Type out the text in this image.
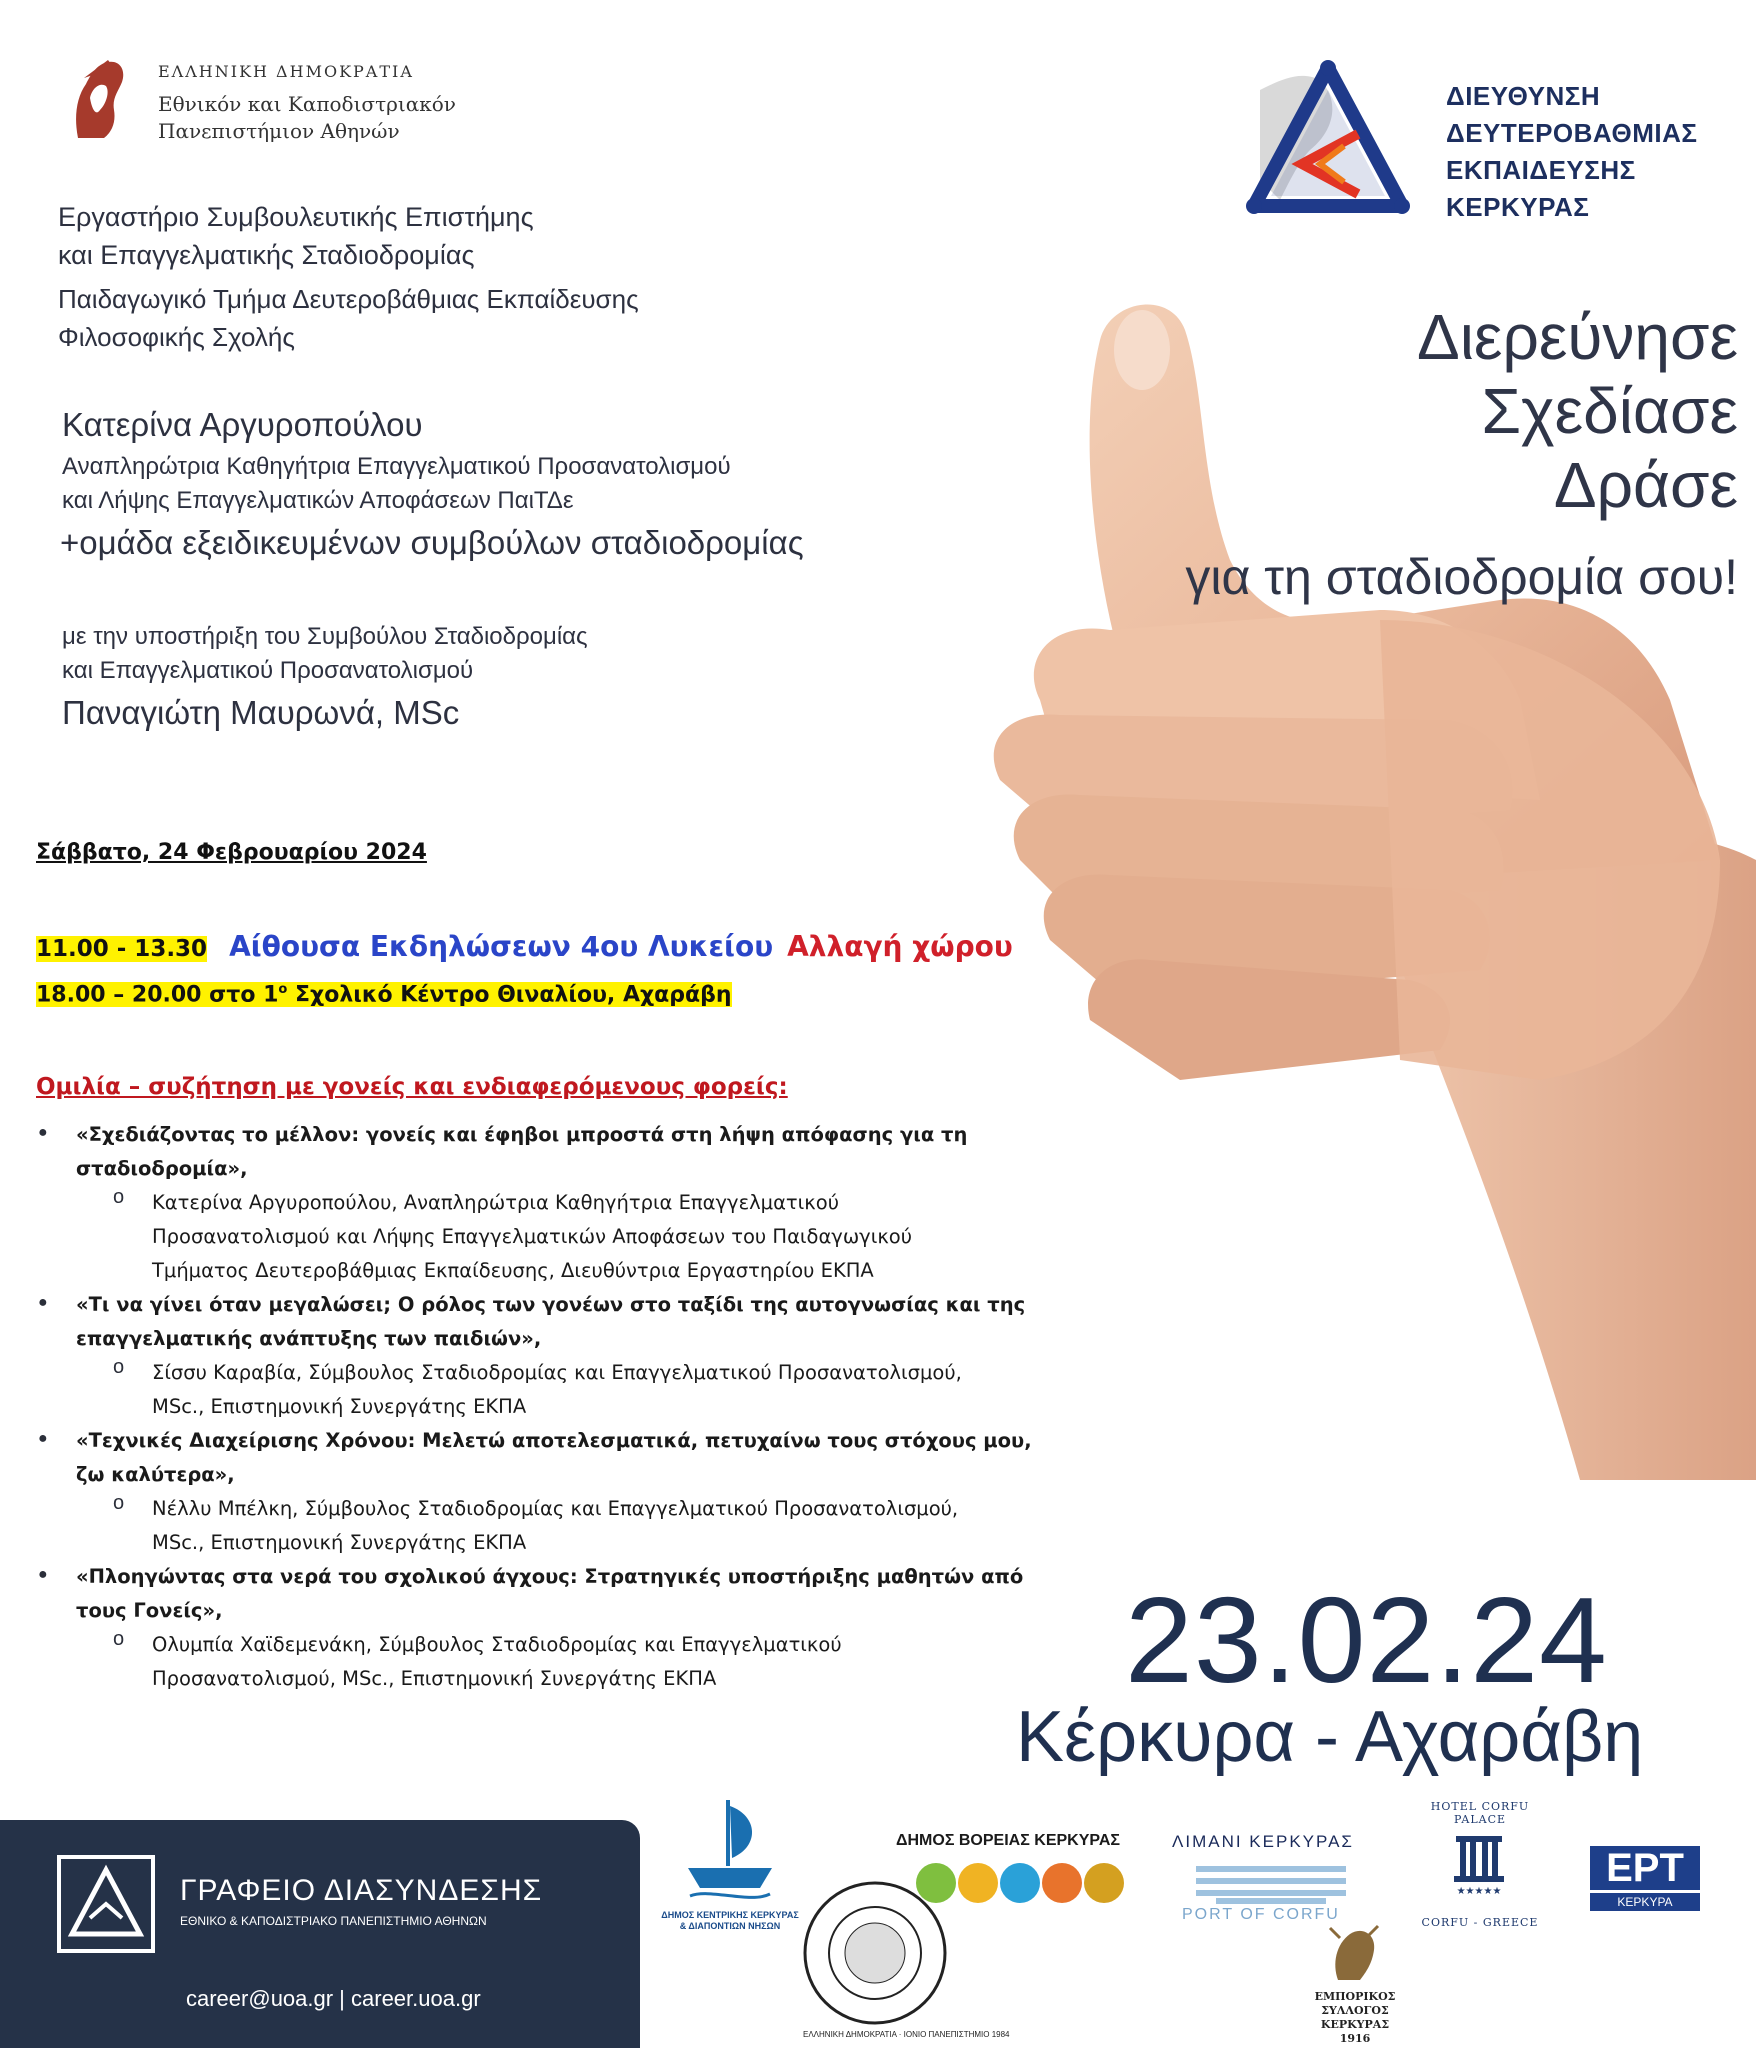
ΕΛΛΗΝΙΚΗ ΔΗΜΟΚΡΑΤΙΑ
Εθνικόν και Καποδιστριακόν
Πανεπιστήμιον Αθηνών
ΔΙΕΥΘΥΝΣΗ
ΔΕΥΤΕΡΟΒΑΘΜΙΑΣ
ΕΚΠΑΙΔΕΥΣΗΣ
ΚΕΡΚΥΡΑΣ
Εργαστήριο Συμβουλευτικής Επιστήμης
και Επαγγελματικής Σταδιοδρομίας
Παιδαγωγικό Τμήμα Δευτεροβάθμιας Εκπαίδευσης
Φιλοσοφικής Σχολής
Κατερίνα Αργυροπούλου
Αναπληρώτρια Καθηγήτρια Επαγγελματικού Προσανατολισμού
και Λήψης Επαγγελματικών Αποφάσεων ΠαιΤΔε
+ομάδα εξειδικευμένων συμβούλων σταδιοδρομίας
με την υποστήριξη του Συμβούλου Σταδιοδρομίας
και Επαγγελματικού Προσανατολισμού
Παναγιώτη Μαυρωνά, MSc
Διερεύνησε
Σχεδίασε
Δράσε
για τη σταδιοδρομία σου!
Σάββατο, 24 Φεβρουαρίου 2024
11.00 - 13.30 Αίθουσα Εκδηλώσεων 4ου Λυκείου Αλλαγή χώρου
18.00 – 20.00 στο $1^o$ Σχολικό Κέντρο Θιναλίου, Αχαράβη
Ομιλία – συζήτηση με γονείς και ενδιαφερόμενους φορείς:
● «Σχεδιάζοντας το μέλλον: γονείς και έφηβοι μπροστά στη λήψη απόφασης για τη
σταδιοδρομία»,
o Κατερίνα Αργυροπούλου, Αναπληρώτρια Καθηγήτρια Επαγγελματικού
Προσανατολισμού και Λήψης Επαγγελματικών Αποφάσεων του Παιδαγωγικού
Τμήματος Δευτεροβάθμιας Εκπαίδευσης, Διευθύντρια Εργαστηρίου ΕΚΠΑ
● «Τι να γίνει όταν μεγαλώσει; Ο ρόλος των γονέων στο ταξίδι της αυτογνωσίας και της
επαγγελματικής ανάπτυξης των παιδιών»,
o Σίσσυ Καραβία, Σύμβουλος Σταδιοδρομίας και Επαγγελματικού Προσανατολισμού,
MSc., Επιστημονική Συνεργάτης ΕΚΠΑ
● «Τεχνικές Διαχείρισης Χρόνου: Μελετώ αποτελεσματικά, πετυχαίνω τους στόχους μου,
ζω καλύτερα»,
o Νέλλυ Μπέλκη, Σύμβουλος Σταδιοδρομίας και Επαγγελματικού Προσανατολισμού,
MSc., Επιστημονική Συνεργάτης ΕΚΠΑ
● «Πλοηγώντας στα νερά του σχολικού άγχους: Στρατηγικές υποστήριξης μαθητών από
τους Γονείς»,
o Ολυμπία Χαϊδεμενάκη, Σύμβουλος Σταδιοδρομίας και Επαγγελματικού
Προσανατολισμού, MSc., Επιστημονική Συνεργάτης ΕΚΠΑ	23.02.24
Κέρκυρα - Αχαράβη
ΓΡΑΦΕΙΟ ΔΙΑΣΥΝΔΕΣΗΣ
ΕΘΝΙΚΟ & ΚΑΠΟΔΙΣΤΡΙΑΚΟ ΠΑΝΕΠΙΣΤΗΜΙΟ ΑΘΗΝΩΝ
career@uoa.gr | career.uoa.gr
ΔΗΜΟΣ ΚΕΝΤΡΙΚΗΣ ΚΕΡΚΥΡΑΣ
& ΔΙΑΠΟΝΤΙΩΝ ΝΗΣΩΝ
ΔΗΜΟΣ ΒΟΡΕΙΑΣ ΚΕΡΚΥΡΑΣ
ΕΛΛΗΝΙΚΗ ΔΗΜΟΚΡΑΤΙΑ · ΙΟΝΙΟ ΠΑΝΕΠΙΣΤΗΜΙΟ 1984
ΛΙΜΑΝΙ ΚΕΡΚΥΡΑΣ
PORT OF CORFU
ΕΜΠΟΡΙΚΟΣ ΣΥΛΛΟΓΟΣ
ΚΕΡΚΥΡΑΣ
1916
★★★★★
HOTEL CORFU PALACE
CORFU - GREECE
ΕΡΤ
ΚΕΡΚΥΡΑ
